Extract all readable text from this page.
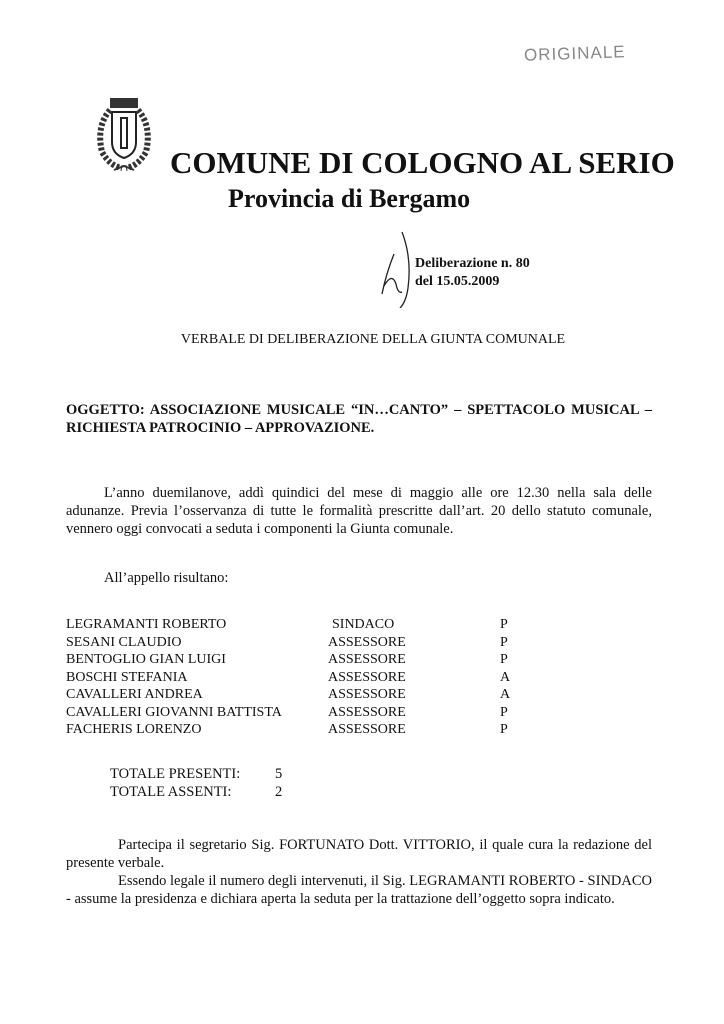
ORIGINALE
COMUNE DI COLOGNO AL SERIO
Provincia di Bergamo
Deliberazione n. 80
del 15.05.2009
VERBALE DI DELIBERAZIONE DELLA GIUNTA COMUNALE
OGGETTO: ASSOCIAZIONE MUSICALE “IN…CANTO” – SPETTACOLO MUSICAL – RICHIESTA PATROCINIO – APPROVAZIONE.
L’anno duemilanove, addì quindici del mese di maggio alle ore 12.30 nella sala delle adunanze. Previa l’osservanza di tutte le formalità prescritte dall’art. 20 dello statuto comunale, vennero oggi convocati a seduta i componenti la Giunta comunale.
All’appello risultano:
LEGRAMANTI ROBERTO	SINDACO	P
SESANI CLAUDIO	ASSESSORE	P
BENTOGLIO GIAN LUIGI	ASSESSORE	P
BOSCHI STEFANIA	ASSESSORE	A
CAVALLERI ANDREA	ASSESSORE	A
CAVALLERI GIOVANNI BATTISTA	ASSESSORE	P
FACHERIS LORENZO	ASSESSORE	P
TOTALE PRESENTI: 5
TOTALE ASSENTI:	2
Partecipa il segretario Sig. FORTUNATO Dott. VITTORIO, il quale cura la redazione del presente verbale.
Essendo legale il numero degli intervenuti, il Sig. LEGRAMANTI ROBERTO - SINDACO - assume la presidenza e dichiara aperta la seduta per la trattazione dell’oggetto sopra indicato.
